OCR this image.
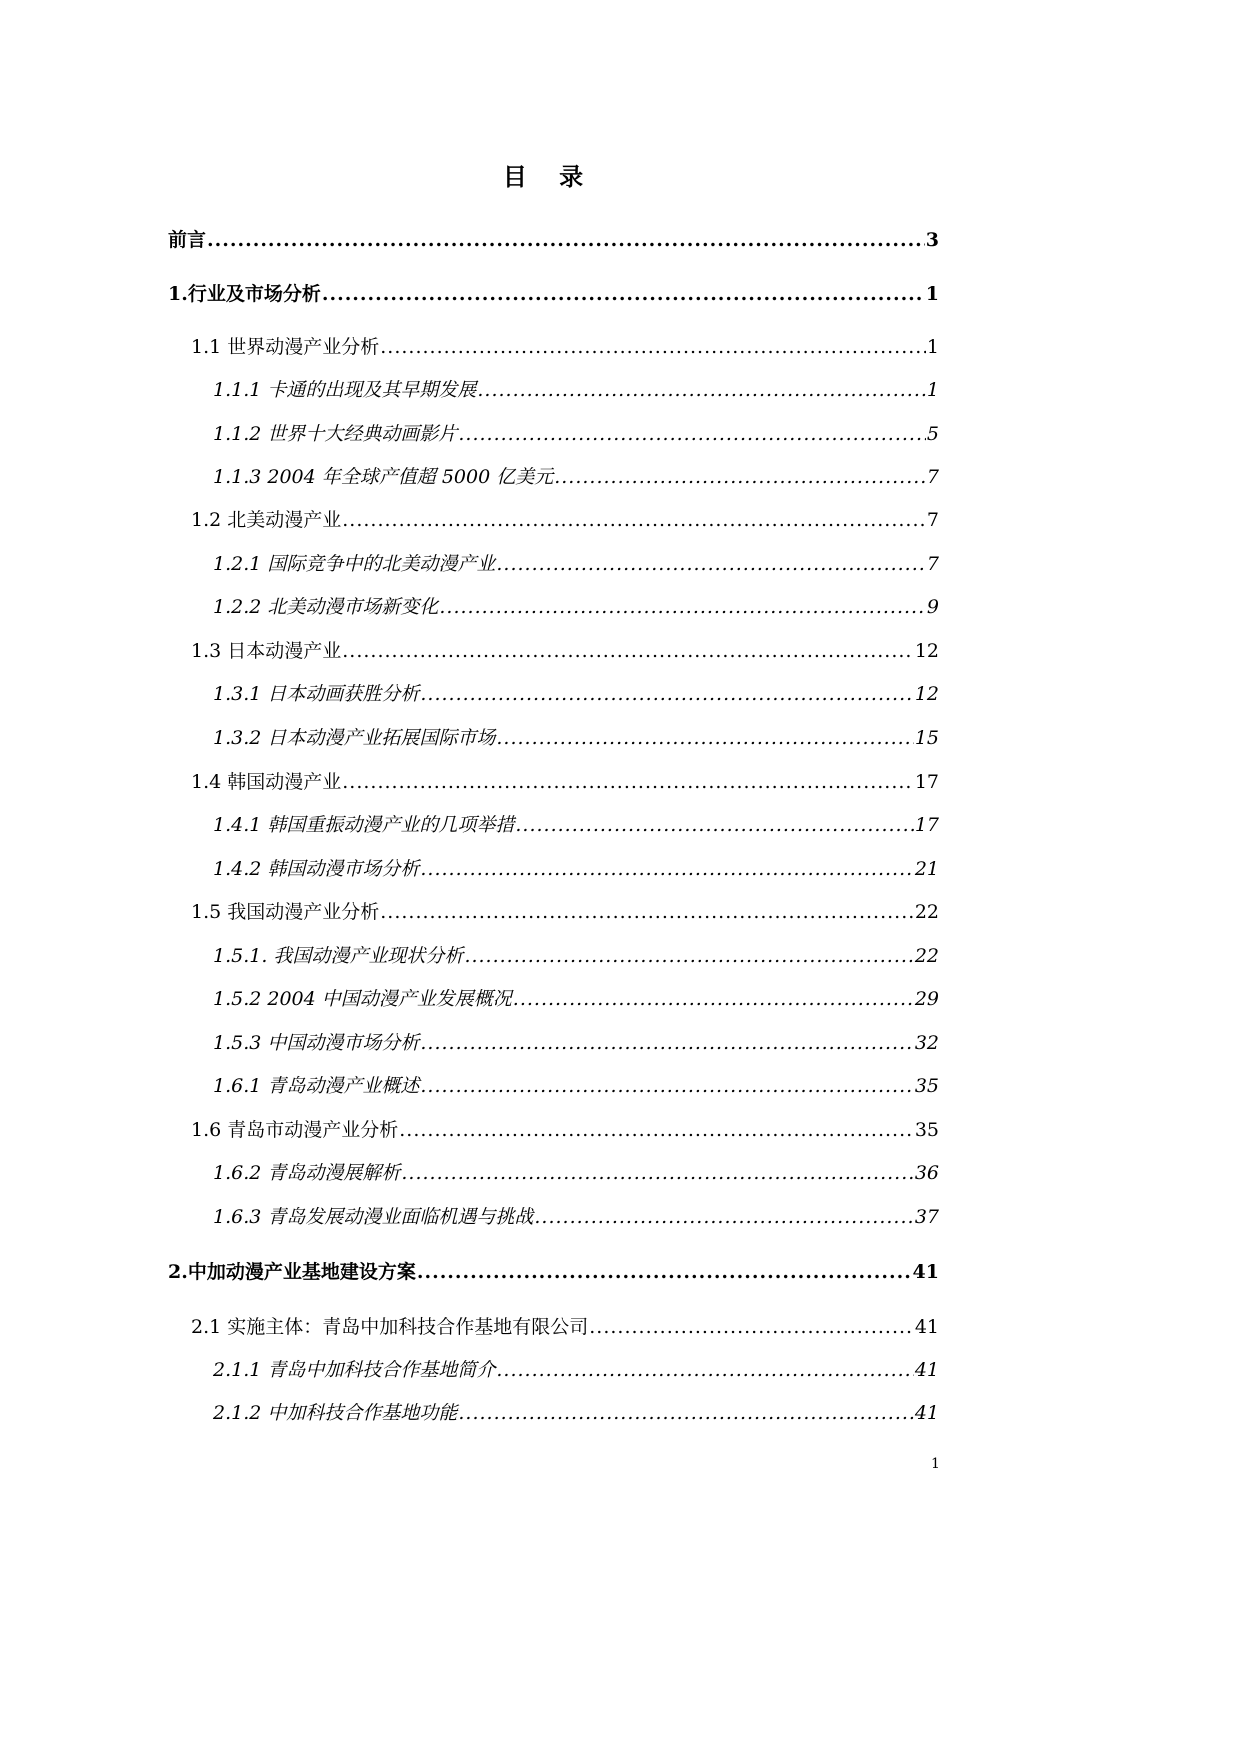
目 录
前言 .....	3
1.行业及市场分析 .....	1
1.1 世界动漫产业分析 .....	1
1.1.1 卡通的出现及其早期发展 .....	1
1.1.2 世界十大经典动画影片 .....	5
1.1.3 2004 年全球产值超 5000 亿美元 .....	7
1.2 北美动漫产业 .....	7
1.2.1 国际竞争中的北美动漫产业 .....	7
1.2.2 北美动漫市场新变化 .....	9
1.3 日本动漫产业 .....	12
1.3.1 日本动画获胜分析 .....	12
1.3.2 日本动漫产业拓展国际市场 .....	15
1.4 韩国动漫产业 .....	17
1.4.1 韩国重振动漫产业的几项举措 .....	17
1.4.2 韩国动漫市场分析 .....	21
1.5 我国动漫产业分析 .....	22
1.5.1. 我国动漫产业现状分析 .....	22
1.5.2 2004 中国动漫产业发展概况 .....	29
1.5.3 中国动漫市场分析 .....	32
1.6.1 青岛动漫产业概述 .....	35
1.6 青岛市动漫产业分析 .....	35
1.6.2 青岛动漫展解析 .....	36
1.6.3 青岛发展动漫业面临机遇与挑战 .....	37
2.中加动漫产业基地建设方案 .....	41
2.1 实施主体：青岛中加科技合作基地有限公司 .....	41
2.1.1 青岛中加科技合作基地简介 .....	41
2.1.2 中加科技合作基地功能 .....	41
1
